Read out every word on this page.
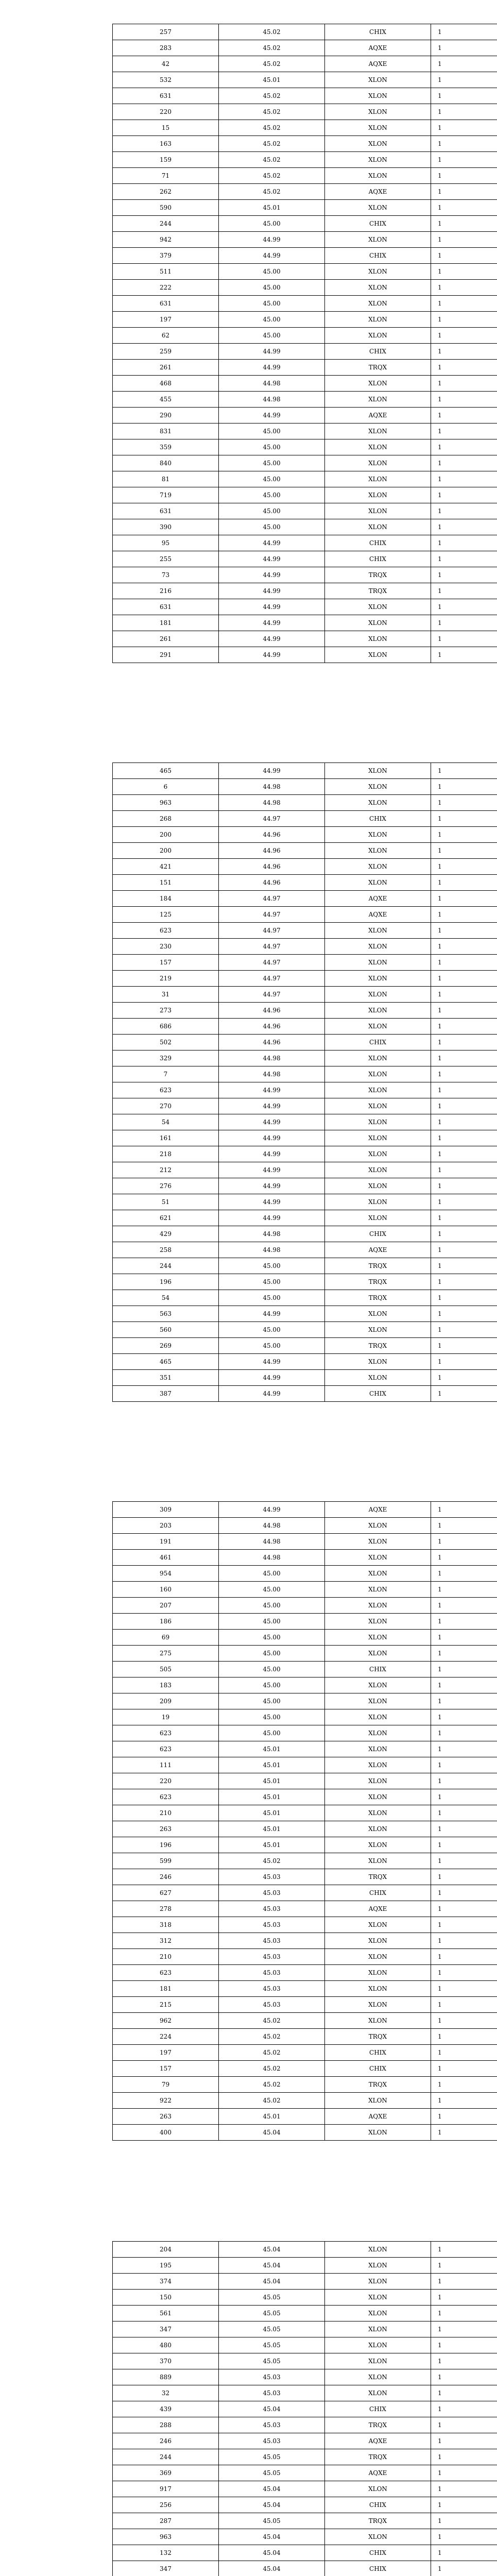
257	45.02	CHIX	1
283	45.02	AQXE	1
42	45.02	AQXE	1
532	45.01	XLON	1
631	45.02	XLON	1
220	45.02	XLON	1
15	45.02	XLON	1
163	45.02	XLON	1
159	45.02	XLON	1
71	45.02	XLON	1
262	45.02	AQXE	1
590	45.01	XLON	1
244	45.00	CHIX	1
942	44.99	XLON	1
379	44.99	CHIX	1
511	45.00	XLON	1
222	45.00	XLON	1
631	45.00	XLON	1
197	45.00	XLON	1
62	45.00	XLON	1
259	44.99	CHIX	1
261	44.99	TRQX	1
468	44.98	XLON	1
455	44.98	XLON	1
290	44.99	AQXE	1
831	45.00	XLON	1
359	45.00	XLON	1
840	45.00	XLON	1
81	45.00	XLON	1
719	45.00	XLON	1
631	45.00	XLON	1
390	45.00	XLON	1
95	44.99	CHIX	1
255	44.99	CHIX	1
73	44.99	TRQX	1
216	44.99	TRQX	1
631	44.99	XLON	1
181	44.99	XLON	1
261	44.99	XLON	1
291	44.99	XLON	1
465	44.99	XLON	1
6	44.98	XLON	1
963	44.98	XLON	1
268	44.97	CHIX	1
200	44.96	XLON	1
200	44.96	XLON	1
421	44.96	XLON	1
151	44.96	XLON	1
184	44.97	AQXE	1
125	44.97	AQXE	1
623	44.97	XLON	1
230	44.97	XLON	1
157	44.97	XLON	1
219	44.97	XLON	1
31	44.97	XLON	1
273	44.96	XLON	1
686	44.96	XLON	1
502	44.96	CHIX	1
329	44.98	XLON	1
7	44.98	XLON	1
623	44.99	XLON	1
270	44.99	XLON	1
54	44.99	XLON	1
161	44.99	XLON	1
218	44.99	XLON	1
212	44.99	XLON	1
276	44.99	XLON	1
51	44.99	XLON	1
621	44.99	XLON	1
429	44.98	CHIX	1
258	44.98	AQXE	1
244	45.00	TRQX	1
196	45.00	TRQX	1
54	45.00	TRQX	1
563	44.99	XLON	1
560	45.00	XLON	1
269	45.00	TRQX	1
465	44.99	XLON	1
351	44.99	XLON	1
387	44.99	CHIX	1
309	44.99	AQXE	1
203	44.98	XLON	1
191	44.98	XLON	1
461	44.98	XLON	1
954	45.00	XLON	1
160	45.00	XLON	1
207	45.00	XLON	1
186	45.00	XLON	1
69	45.00	XLON	1
275	45.00	XLON	1
505	45.00	CHIX	1
183	45.00	XLON	1
209	45.00	XLON	1
19	45.00	XLON	1
623	45.00	XLON	1
623	45.01	XLON	1
111	45.01	XLON	1
220	45.01	XLON	1
623	45.01	XLON	1
210	45.01	XLON	1
263	45.01	XLON	1
196	45.01	XLON	1
599	45.02	XLON	1
246	45.03	TRQX	1
627	45.03	CHIX	1
278	45.03	AQXE	1
318	45.03	XLON	1
312	45.03	XLON	1
210	45.03	XLON	1
623	45.03	XLON	1
181	45.03	XLON	1
215	45.03	XLON	1
962	45.02	XLON	1
224	45.02	TRQX	1
197	45.02	CHIX	1
157	45.02	CHIX	1
79	45.02	TRQX	1
922	45.02	XLON	1
263	45.01	AQXE	1
400	45.04	XLON	1
204	45.04	XLON	1
195	45.04	XLON	1
374	45.04	XLON	1
150	45.05	XLON	1
561	45.05	XLON	1
347	45.05	XLON	1
480	45.05	XLON	1
370	45.05	XLON	1
889	45.03	XLON	1
32	45.03	XLON	1
439	45.04	CHIX	1
288	45.03	TRQX	1
246	45.03	AQXE	1
244	45.05	TRQX	1
369	45.05	AQXE	1
917	45.04	XLON	1
256	45.04	CHIX	1
287	45.05	TRQX	1
963	45.04	XLON	1
132	45.04	CHIX	1
347	45.04	CHIX	1
